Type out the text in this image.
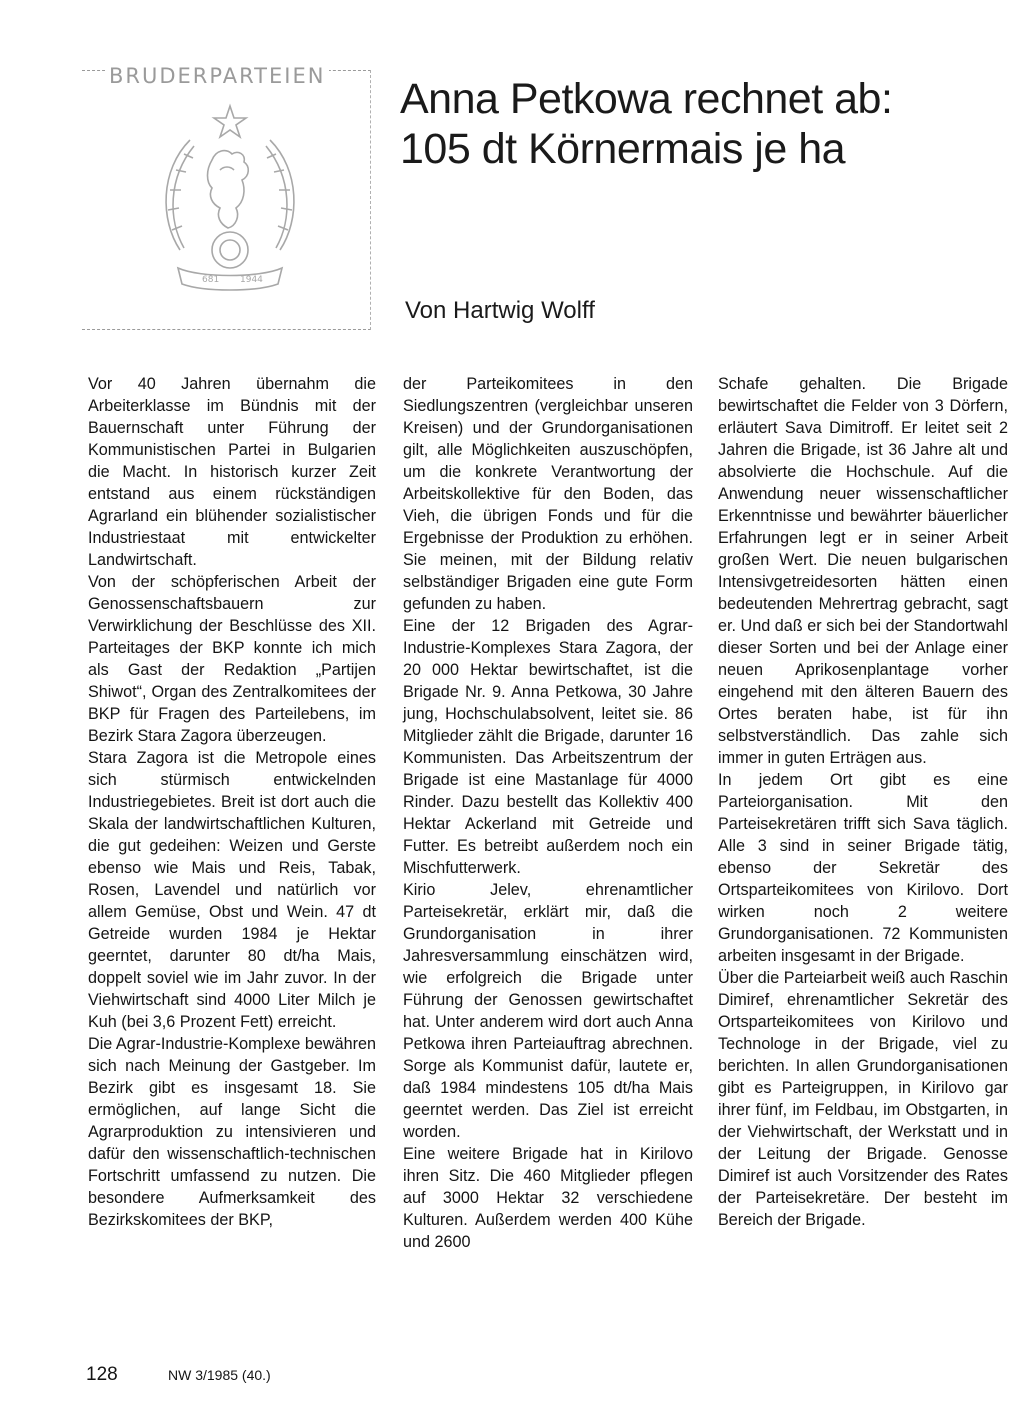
BRUDERPARTEIEN
681 1944
Anna Petkowa rechnet ab:
105 dt Körnermais je ha
Von Hartwig Wolff

Vor 40 Jahren übernahm die Arbeiterklasse im Bündnis mit der Bauernschaft unter Führung der Kommunistischen Partei in Bulgarien die Macht. In historisch kurzer Zeit entstand aus einem rückständigen Agrarland ein blühender sozialistischer Industriestaat mit entwickelter Landwirtschaft.

Von der schöpferischen Arbeit der Genossenschaftsbauern zur Verwirklichung der Beschlüsse des XII. Parteitages der BKP konnte ich mich als Gast der Redaktion „Partijen Shiwot“, Organ des Zentralkomitees der BKP für Fragen des Parteilebens, im Bezirk Stara Zagora überzeugen.

Stara Zagora ist die Metropole eines sich stürmisch entwickelnden Industriegebietes. Breit ist dort auch die Skala der landwirtschaftlichen Kulturen, die gut gedeihen: Weizen und Gerste ebenso wie Mais und Reis, Tabak, Rosen, Lavendel und natürlich vor allem Gemüse, Obst und Wein. 47 dt Getreide wurden 1984 je Hektar geerntet, darunter 80 dt/ha Mais, doppelt soviel wie im Jahr zuvor. In der Viehwirtschaft sind 4000 Liter Milch je Kuh (bei 3,6 Prozent Fett) erreicht.

Die Agrar-Industrie-Komplexe bewähren sich nach Meinung der Gastgeber. Im Bezirk gibt es insgesamt 18. Sie ermöglichen, auf lange Sicht die Agrarproduktion zu intensivieren und dafür den wissenschaftlich-technischen Fortschritt umfassend zu nutzen. Die besondere Aufmerksamkeit des Bezirkskomitees der BKP,

der Parteikomitees in den Siedlungszentren (vergleichbar unseren Kreisen) und der Grundorganisationen gilt, alle Möglichkeiten auszuschöpfen, um die konkrete Verantwortung der Arbeitskollektive für den Boden, das Vieh, die übrigen Fonds und für die Ergebnisse der Produktion zu erhöhen. Sie meinen, mit der Bildung relativ selbständiger Brigaden eine gute Form gefunden zu haben.

Eine der 12 Brigaden des Agrar-Industrie-Komplexes Stara Zagora, der 20 000 Hektar bewirtschaftet, ist die Brigade Nr. 9. Anna Petkowa, 30 Jahre jung, Hochschulabsolvent, leitet sie. 86 Mitglieder zählt die Brigade, darunter 16 Kommunisten. Das Arbeitszentrum der Brigade ist eine Mastanlage für 4000 Rinder. Dazu bestellt das Kollektiv 400 Hektar Ackerland mit Getreide und Futter. Es betreibt außerdem noch ein Mischfutterwerk.

Kirio Jelev, ehrenamtlicher Parteisekretär, erklärt mir, daß die Grundorganisation in ihrer Jahresversammlung einschätzen wird, wie erfolgreich die Brigade unter Führung der Genossen gewirtschaftet hat. Unter anderem wird dort auch Anna Petkowa ihren Parteiauftrag abrechnen. Sorge als Kommunist dafür, lautete er, daß 1984 mindestens 105 dt/ha Mais geerntet werden. Das Ziel ist erreicht worden.

Eine weitere Brigade hat in Kirilovo ihren Sitz. Die 460 Mitglieder pflegen auf 3000 Hektar 32 verschiedene Kulturen. Außerdem werden 400 Kühe und 2600

Schafe gehalten. Die Brigade bewirtschaftet die Felder von 3 Dörfern, erläutert Sava Dimitroff. Er leitet seit 2 Jahren die Brigade, ist 36 Jahre alt und absolvierte die Hochschule. Auf die Anwendung neuer wissenschaftlicher Erkenntnisse und bewährter bäuerlicher Erfahrungen legt er in seiner Arbeit großen Wert. Die neuen bulgarischen Intensivgetreidesorten hätten einen bedeutenden Mehrertrag gebracht, sagt er. Und daß er sich bei der Standortwahl dieser Sorten und bei der Anlage einer neuen Aprikosenplantage vorher eingehend mit den älteren Bauern des Ortes beraten habe, ist für ihn selbstverständlich. Das zahle sich immer in guten Erträgen aus.

In jedem Ort gibt es eine Parteiorganisation. Mit den Parteisekretären trifft sich Sava täglich. Alle 3 sind in seiner Brigade tätig, ebenso der Sekretär des Ortsparteikomitees von Kirilovo. Dort wirken noch 2 weitere Grundorganisationen. 72 Kommunisten arbeiten insgesamt in der Brigade.

Über die Parteiarbeit weiß auch Raschin Dimiref, ehrenamtlicher Sekretär des Ortsparteikomitees von Kirilovo und Technologe in der Brigade, viel zu berichten. In allen Grundorganisationen gibt es Parteigruppen, in Kirilovo gar ihrer fünf, im Feldbau, im Obstgarten, in der Viehwirtschaft, der Werkstatt und in der Leitung der Brigade. Genosse Dimiref ist auch Vorsitzender des Rates der Parteisekretäre. Der besteht im Bereich der Brigade.

128	NW 3/1985 (40.)
